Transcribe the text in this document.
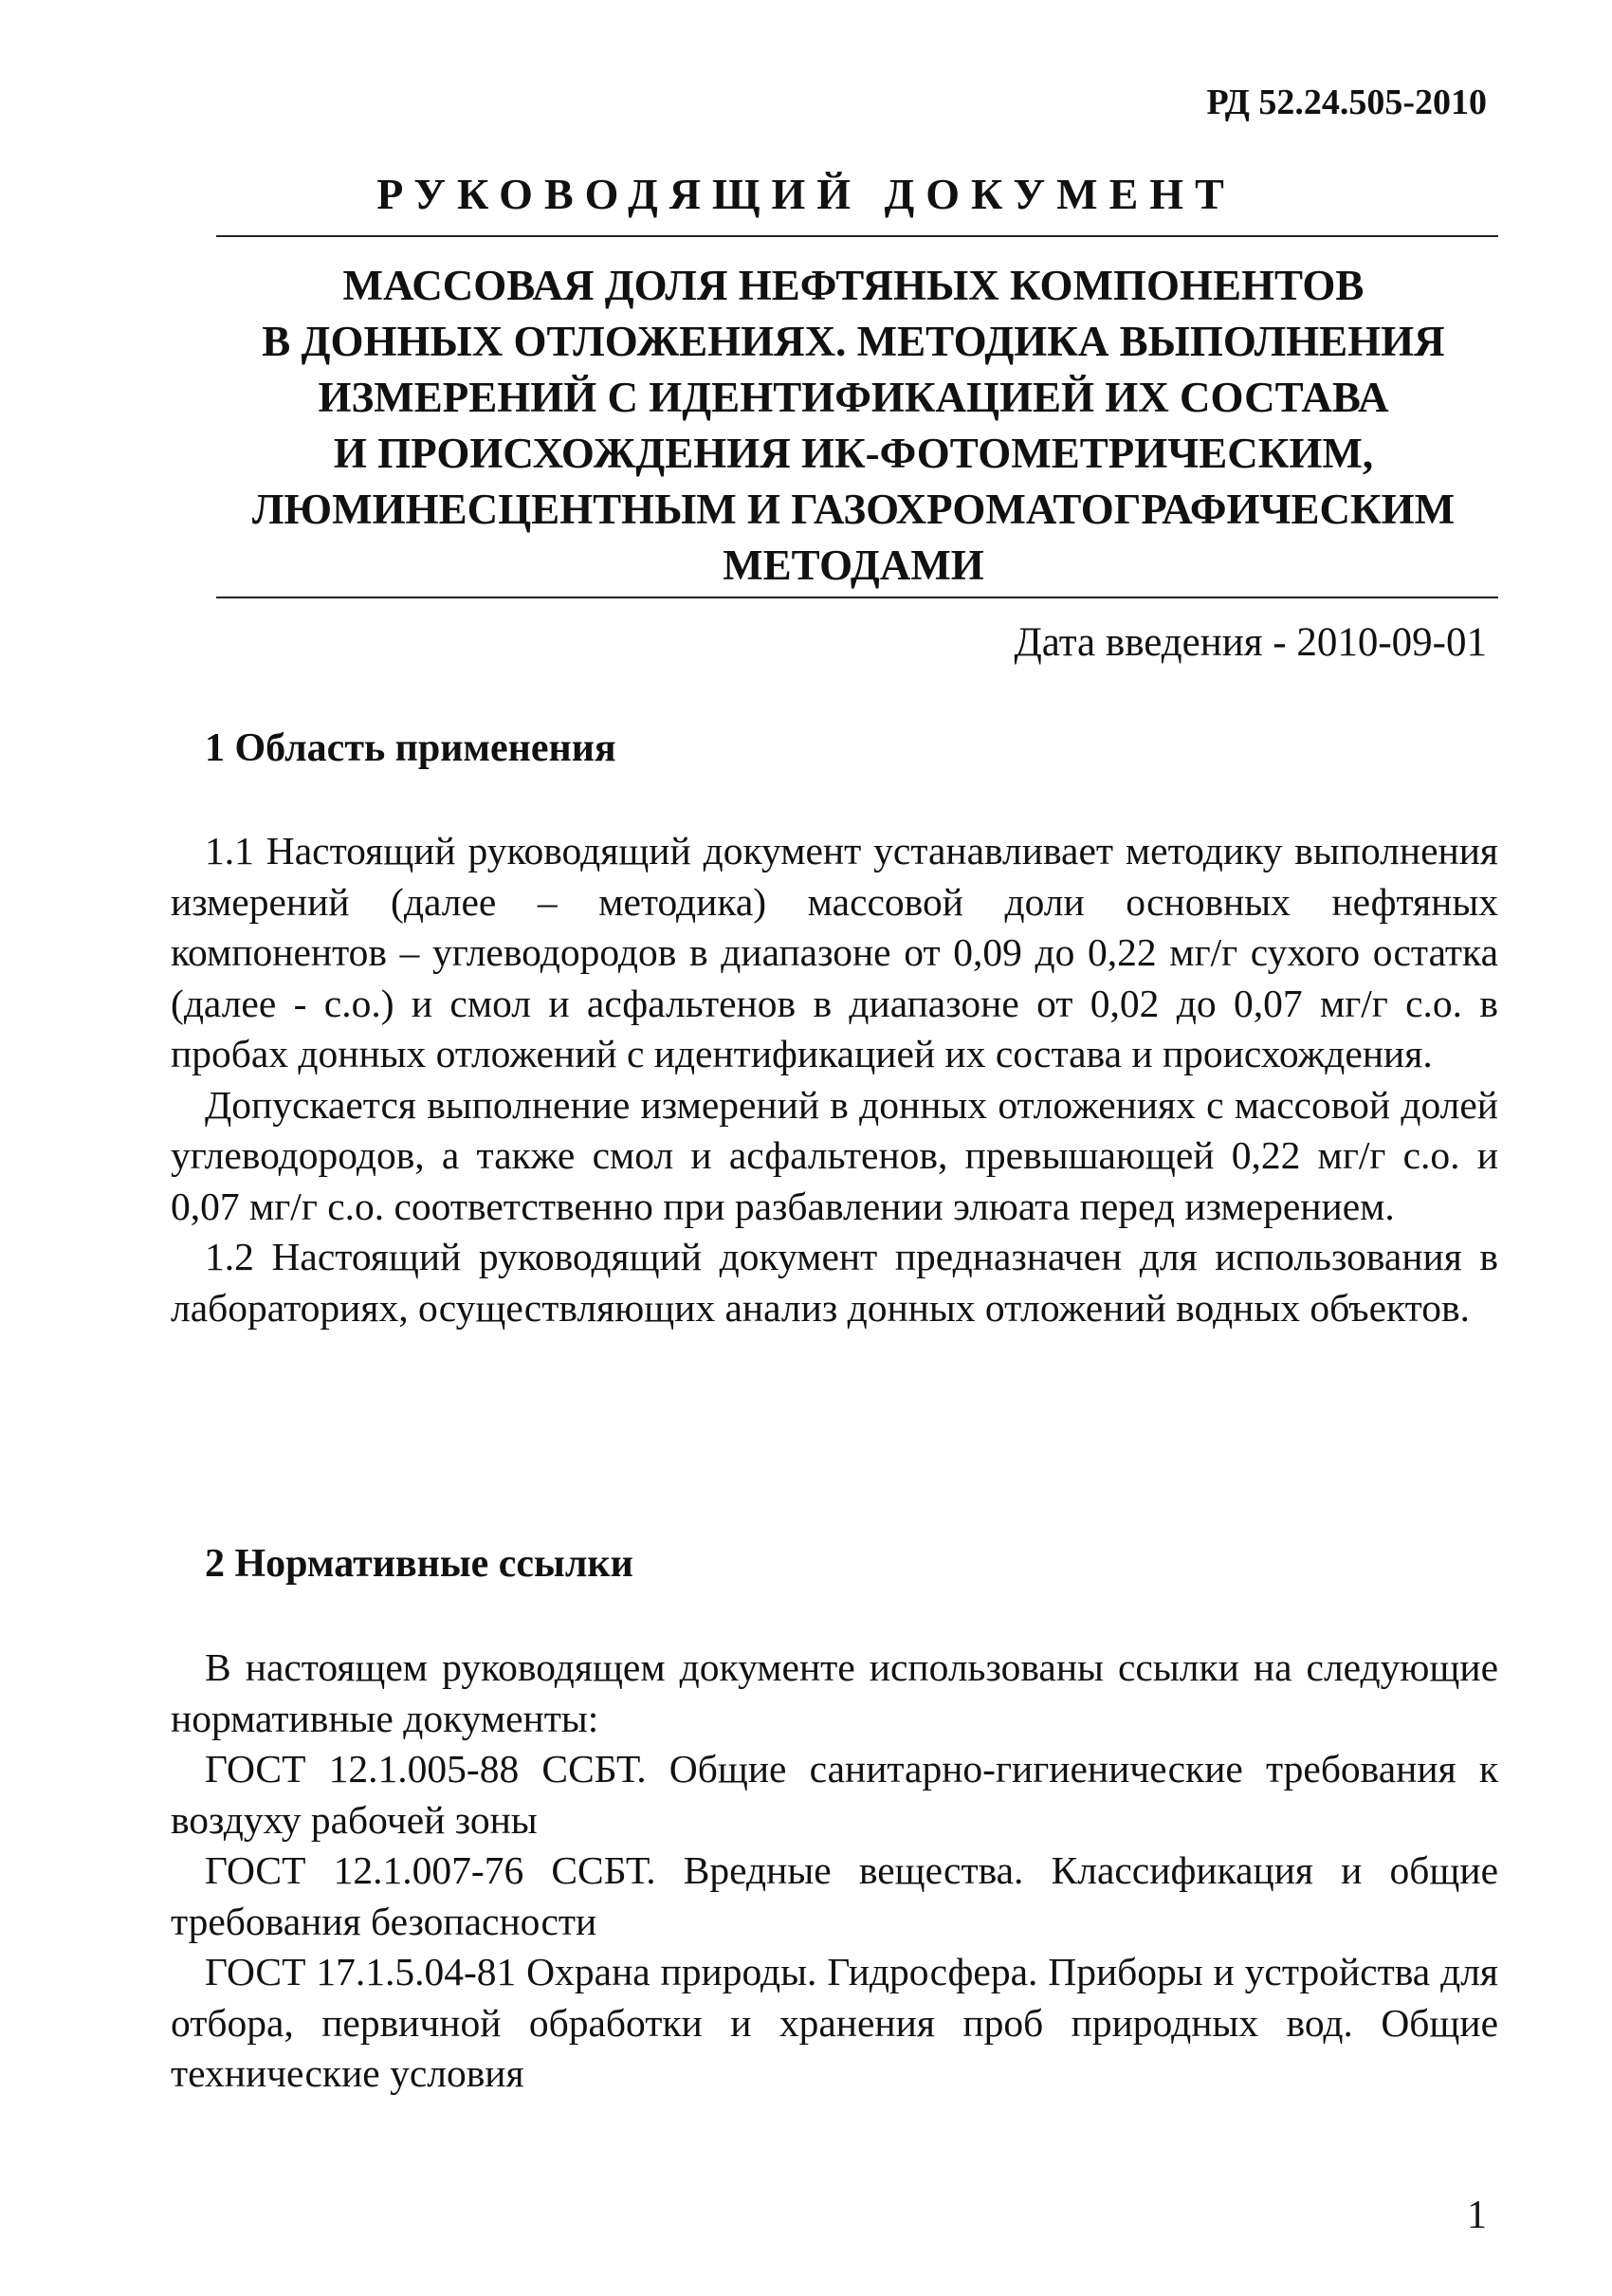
РД 52.24.505-2010
РУКОВОДЯЩИЙ ДОКУМЕНТ
МАССОВАЯ ДОЛЯ НЕФТЯНЫХ КОМПОНЕНТОВ
В ДОННЫХ ОТЛОЖЕНИЯХ. МЕТОДИКА ВЫПОЛНЕНИЯ
ИЗМЕРЕНИЙ С ИДЕНТИФИКАЦИЕЙ ИХ СОСТАВА
И ПРОИСХОЖДЕНИЯ ИК-ФОТОМЕТРИЧЕСКИМ,
ЛЮМИНЕСЦЕНТНЫМ И ГАЗОХРОМАТОГРАФИЧЕСКИМ
МЕТОДАМИ
Дата введения - 2010-09-01
1 Область применения

1.1 Настоящий руководящий документ устанавливает методику выполнения измерений (далее – методика) массовой доли основных нефтяных компонентов – углеводородов в диапазоне от 0,09 до 0,22 мг/г сухого остатка (далее - с.о.) и смол и асфальтенов в диапазоне от 0,02 до 0,07 мг/г с.о. в пробах донных отложений с идентификацией их состава и происхождения.

Допускается выполнение измерений в донных отложениях с массовой долей углеводородов, а также смол и асфальтенов, превышающей 0,22 мг/г с.о. и 0,07 мг/г с.о. соответственно при разбавлении элюата перед измерением.

1.2 Настоящий руководящий документ предназначен для использования в лабораториях, осуществляющих анализ донных отложений водных объектов.

2 Нормативные ссылки

В настоящем руководящем документе использованы ссылки на следующие нормативные документы:

ГОСТ 12.1.005-88 ССБТ. Общие санитарно-гигиенические требования к воздуху рабочей зоны

ГОСТ 12.1.007-76 ССБТ. Вредные вещества. Классификация и общие требования безопасности

ГОСТ 17.1.5.04-81 Охрана природы. Гидросфера. Приборы и устройства для отбора, первичной обработки и хранения проб природных вод. Общие технические условия

1
